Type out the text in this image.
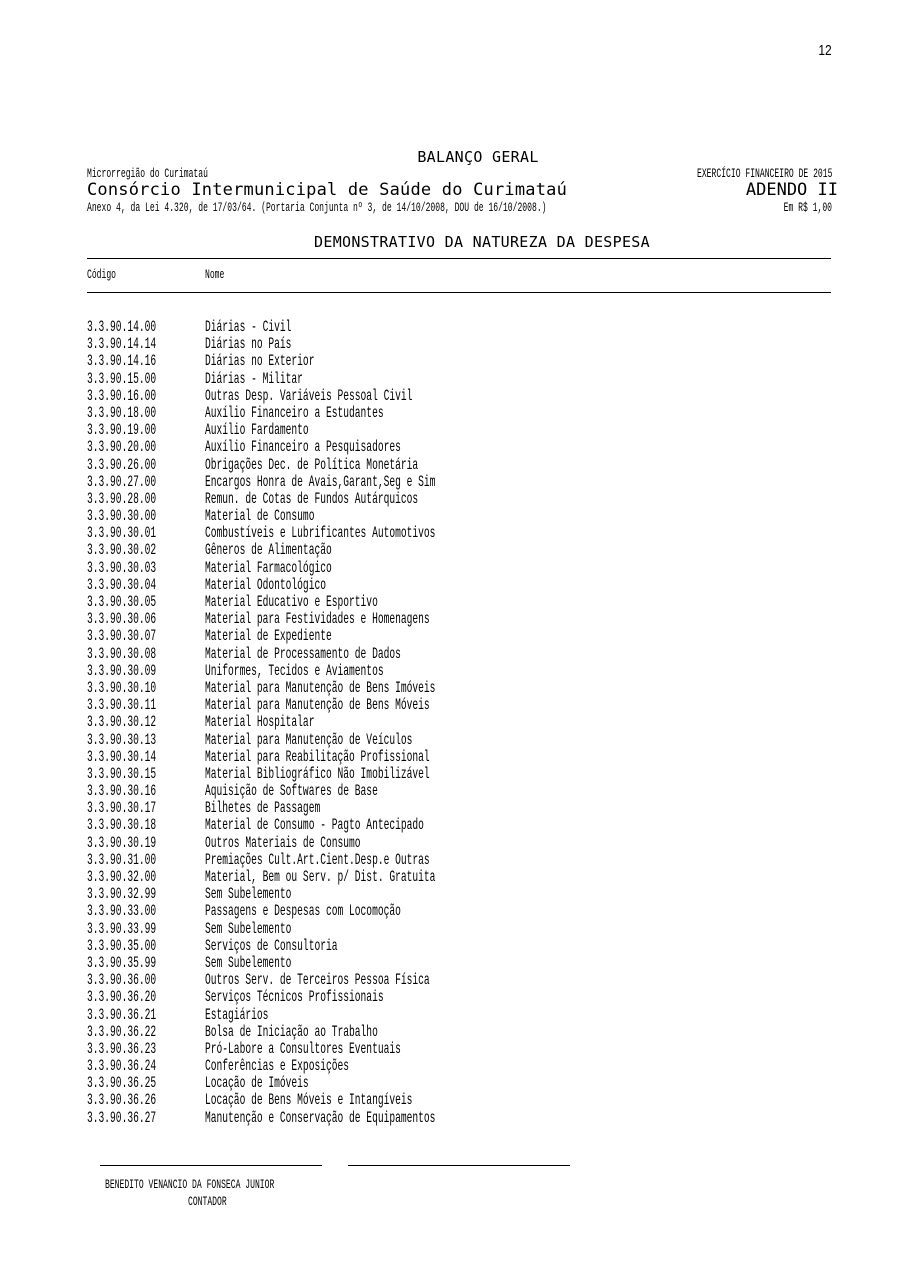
12
BALANÇO GERAL
Microrregião do Curimataú	EXERCÍCIO FINANCEIRO DE 2015
Consórcio Intermunicipal de Saúde do Curimataú	ADENDO II
Anexo 4, da Lei 4.320, de 17/03/64. (Portaria Conjunta nº 3, de 14/10/2008, DOU de 16/10/2008.)	Em R$ 1,00
DEMONSTRATIVO DA NATUREZA DA DESPESA
Código	Nome
3.3.90.14.00	Diárias - Civil
3.3.90.14.14	Diárias no País
3.3.90.14.16	Diárias no Exterior
3.3.90.15.00	Diárias - Militar
3.3.90.16.00	Outras Desp. Variáveis Pessoal Civil
3.3.90.18.00	Auxílio Financeiro a Estudantes
3.3.90.19.00	Auxílio Fardamento
3.3.90.20.00	Auxílio Financeiro a Pesquisadores
3.3.90.26.00	Obrigações Dec. de Política Monetária
3.3.90.27.00	Encargos Honra de Avais,Garant,Seg e Sim
3.3.90.28.00	Remun. de Cotas de Fundos Autárquicos
3.3.90.30.00	Material de Consumo
3.3.90.30.01	Combustíveis e Lubrificantes Automotivos
3.3.90.30.02	Gêneros de Alimentação
3.3.90.30.03	Material Farmacológico
3.3.90.30.04	Material Odontológico
3.3.90.30.05	Material Educativo e Esportivo
3.3.90.30.06	Material para Festividades e Homenagens
3.3.90.30.07	Material de Expediente
3.3.90.30.08	Material de Processamento de Dados
3.3.90.30.09	Uniformes, Tecidos e Aviamentos
3.3.90.30.10	Material para Manutenção de Bens Imóveis
3.3.90.30.11	Material para Manutenção de Bens Móveis
3.3.90.30.12	Material Hospitalar
3.3.90.30.13	Material para Manutenção de Veículos
3.3.90.30.14	Material para Reabilitação Profissional
3.3.90.30.15	Material Bibliográfico Não Imobilizável
3.3.90.30.16	Aquisição de Softwares de Base
3.3.90.30.17	Bilhetes de Passagem
3.3.90.30.18	Material de Consumo - Pagto Antecipado
3.3.90.30.19	Outros Materiais de Consumo
3.3.90.31.00	Premiações Cult.Art.Cient.Desp.e Outras
3.3.90.32.00	Material, Bem ou Serv. p/ Dist. Gratuita
3.3.90.32.99	Sem Subelemento
3.3.90.33.00	Passagens e Despesas com Locomoção
3.3.90.33.99	Sem Subelemento
3.3.90.35.00	Serviços de Consultoria
3.3.90.35.99	Sem Subelemento
3.3.90.36.00	Outros Serv. de Terceiros Pessoa Física
3.3.90.36.20	Serviços Técnicos Profissionais
3.3.90.36.21	Estagiários
3.3.90.36.22	Bolsa de Iniciação ao Trabalho
3.3.90.36.23	Pró-Labore a Consultores Eventuais
3.3.90.36.24	Conferências e Exposições
3.3.90.36.25	Locação de Imóveis
3.3.90.36.26	Locação de Bens Móveis e Intangíveis
3.3.90.36.27	Manutenção e Conservação de Equipamentos
BENEDITO VENANCIO DA FONSECA JUNIOR
CONTADOR
